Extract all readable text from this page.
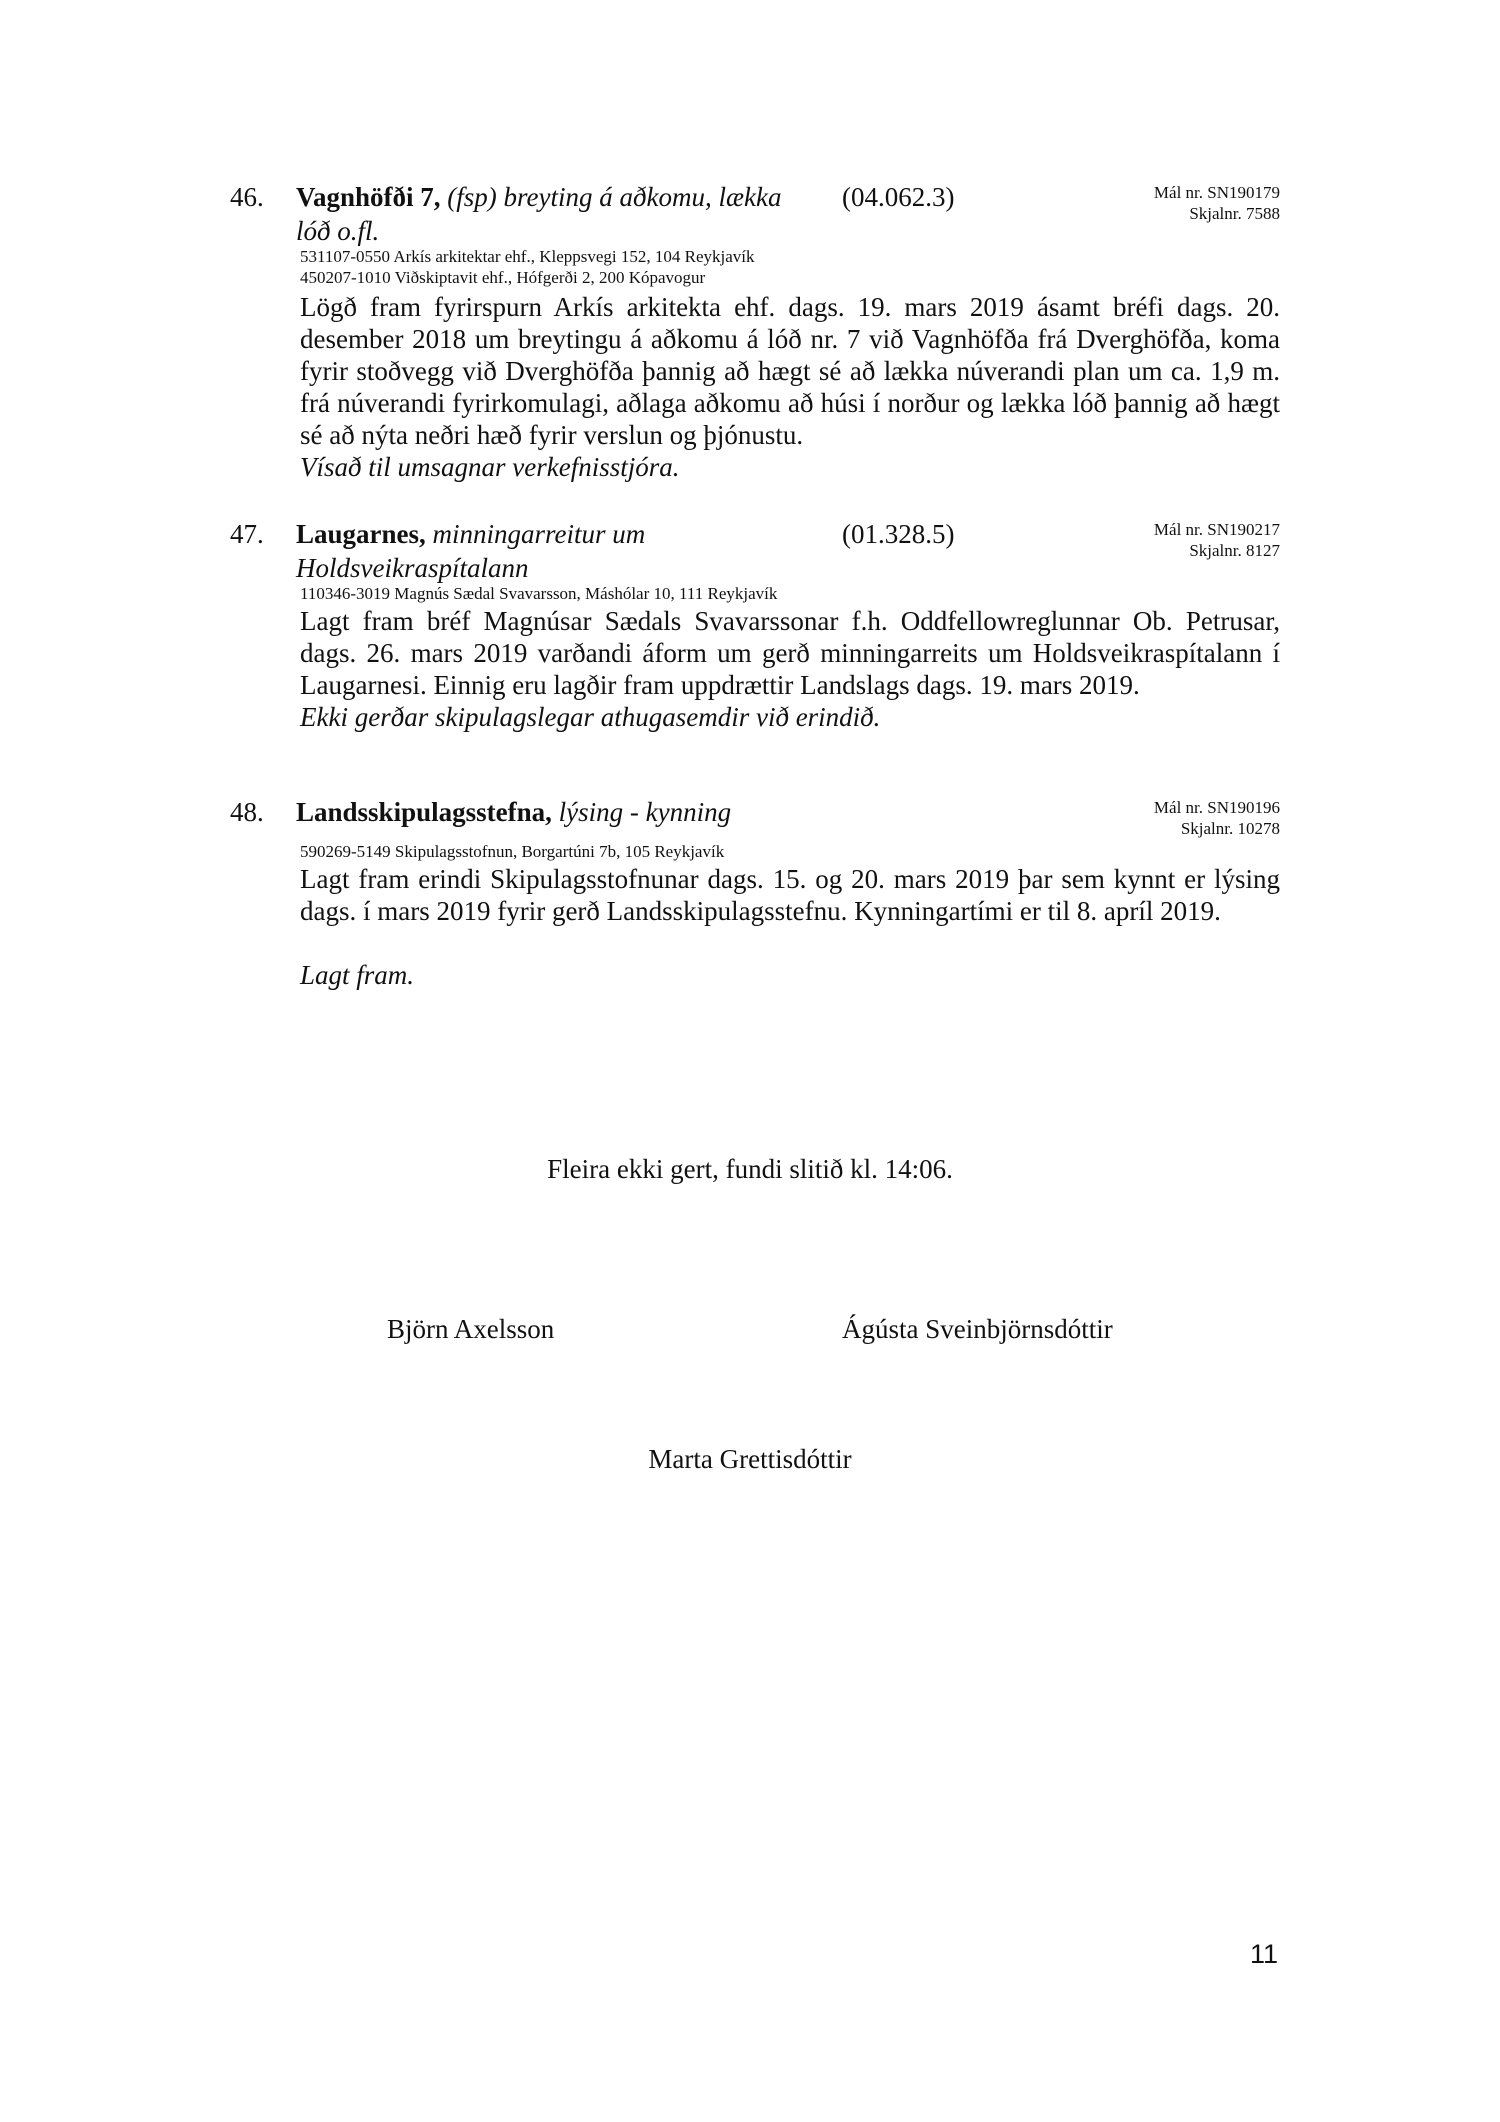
46. Vagnhöfði 7, (fsp) breyting á aðkomu, lækka lóð o.fl.
(04.062.3)	Mál nr. SN190179
Skjalnr. 7588
531107-0550 Arkís arkitektar ehf., Kleppsvegi 152, 104 Reykjavík
450207-1010 Viðskiptavit ehf., Hófgerði 2, 200 Kópavogur
Lögð fram fyrirspurn Arkís arkitekta ehf. dags. 19. mars 2019 ásamt bréfi dags. 20. desember 2018 um breytingu á aðkomu á lóð nr. 7 við Vagnhöfða frá Dverghöfða, koma fyrir stoðvegg við Dverghöfða þannig að hægt sé að lækka núverandi plan um ca. 1,9 m. frá núverandi fyrirkomulagi, aðlaga aðkomu að húsi í norður og lækka lóð þannig að hægt sé að nýta neðri hæð fyrir verslun og þjónustu.
Vísað til umsagnar verkefnisstjóra.
47. Laugarnes, minningarreitur um Holdsveikraspítalann
(01.328.5)	Mál nr. SN190217
Skjalnr. 8127
110346-3019 Magnús Sædal Svavarsson, Máshólar 10, 111 Reykjavík
Lagt fram bréf Magnúsar Sædals Svavarssonar f.h. Oddfellowreglunnar Ob. Petrusar, dags. 26. mars 2019 varðandi áform um gerð minningarreits um Holdsveikraspítalann í Laugarnesi. Einnig eru lagðir fram uppdrættir Landslags dags. 19. mars 2019.
Ekki gerðar skipulagslegar athugasemdir við erindið.
48. Landsskipulagsstefna, lýsing - kynning	Mál nr. SN190196
Skjalnr. 10278
590269-5149 Skipulagsstofnun, Borgartúni 7b, 105 Reykjavík
Lagt fram erindi Skipulagsstofnunar dags. 15. og 20. mars 2019 þar sem kynnt er lýsing dags. í mars 2019 fyrir gerð Landsskipulagsstefnu. Kynningartími er til 8. apríl 2019.
Lagt fram.
Fleira ekki gert, fundi slitið kl. 14:06.
Björn Axelsson	Ágústa Sveinbjörnsdóttir
Marta Grettisdóttir
11
